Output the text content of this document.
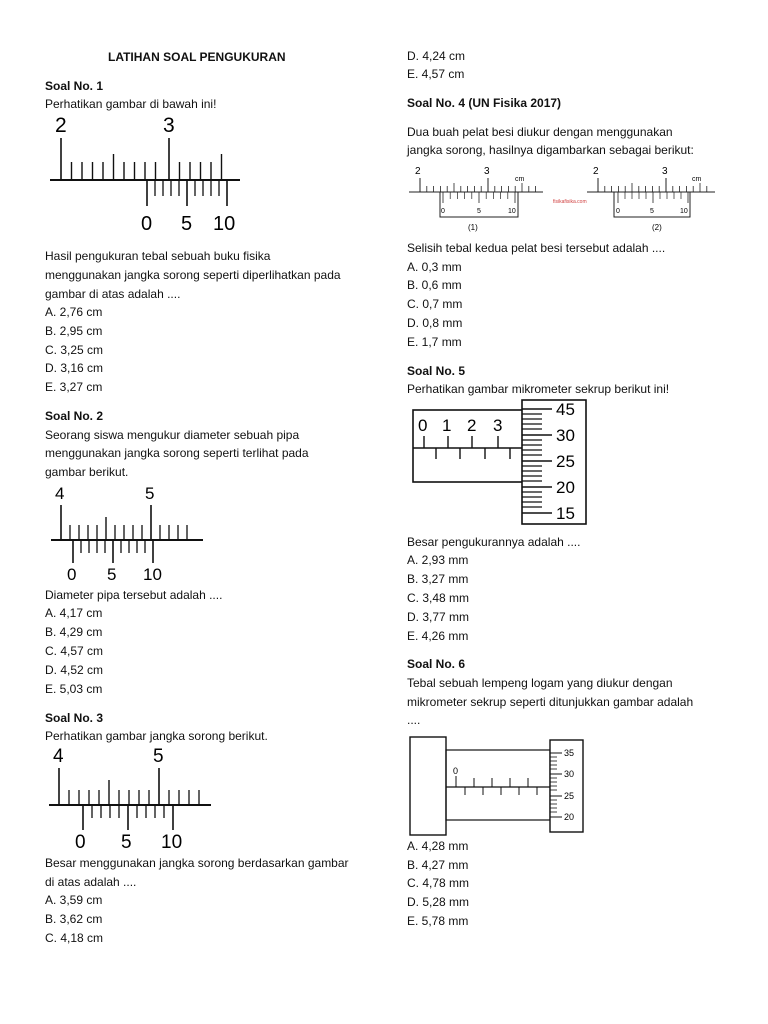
LATIHAN SOAL PENGUKURAN
Soal No. 1
Perhatikan gambar di bawah ini!
2	3
0 5 10
Hasil pengukuran tebal sebuah buku fisika
menggunakan jangka sorong seperti diperlihatkan pada
gambar di atas adalah ....
A. 2,76 cm
B. 2,95 cm
C. 3,25 cm
D. 3,16 cm
E. 3,27 cm
Soal No. 2
Seorang siswa mengukur diameter sebuah pipa
menggunakan jangka sorong seperti terlihat pada
gambar berikut.
4	5
0 5 10
Diameter pipa tersebut adalah ....
A. 4,17 cm
B. 4,29 cm
C. 4,57 cm
D. 4,52 cm
E. 5,03 cm
Soal No. 3
Perhatikan gambar jangka sorong berikut.
4	5
0 5 10
Besar menggunakan jangka sorong berdasarkan gambar
di atas adalah ....
A. 3,59 cm
B. 3,62 cm
C. 4,18 cm
D. 4,24 cm
E. 4,57 cm
Soal No. 4 (UN Fisika 2017)
Dua buah pelat besi diukur dengan menggunakan
jangka sorong, hasilnya digambarkan sebagai berikut:
2	3
cm
0	5	10
(1)
fisikafisika.com
2	3
cm
0	5	10
(2)
Selisih tebal kedua pelat besi tersebut adalah ....
A. 0,3 mm
B. 0,6 mm
C. 0,7 mm
D. 0,8 mm
E. 1,7 mm
Soal No. 5
Perhatikan gambar mikrometer sekrup berikut ini!
0 1 2 3
45
30
25
20
15
Besar pengukurannya adalah ....
A. 2,93 mm
B. 3,27 mm
C. 3,48 mm
D. 3,77 mm
E. 4,26 mm
Soal No. 6
Tebal sebuah lempeng logam yang diukur dengan
mikrometer sekrup seperti ditunjukkan gambar adalah
....
0
35
30
25
20
A. 4,28 mm
B. 4,27 mm
C. 4,78 mm
D. 5,28 mm
E. 5,78 mm
